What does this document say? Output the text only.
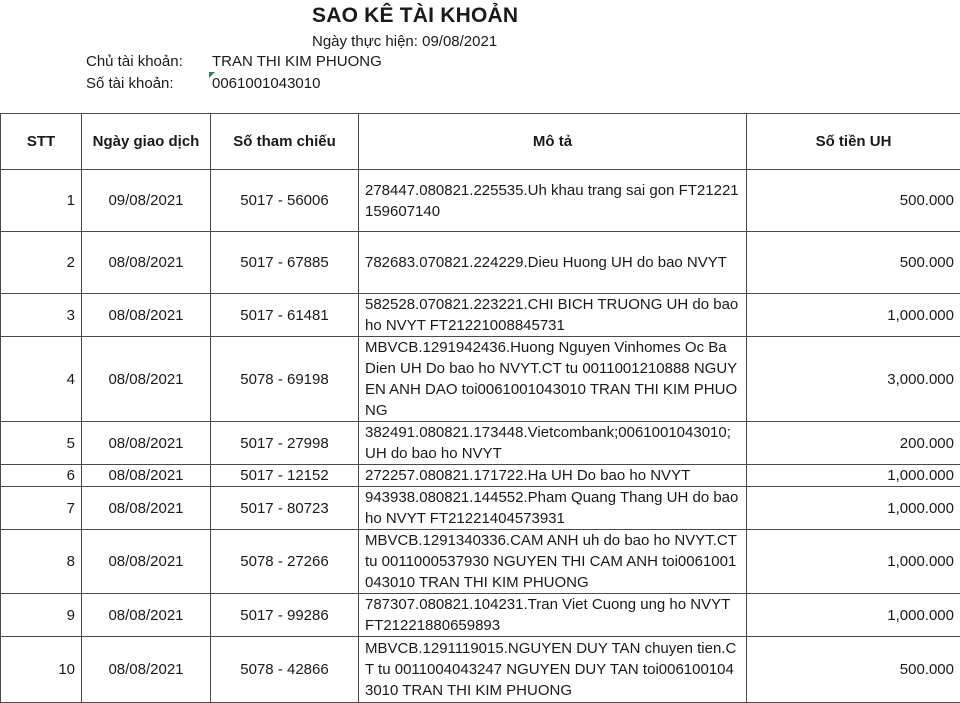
SAO KÊ TÀI KHOẢN
Ngày thực hiện: 09/08/2021
Chủ tài khoản: TRAN THI KIM PHUONG
Số tài khoản:	0061001043010
STT	Ngày giao dịch	Số tham chiếu	Mô tả	Số tiền UH
1	09/08/2021	5017 - 56006	278447.080821.225535.Uh khau trang sai gon FT21221159607140	500.000
2	08/08/2021	5017 - 67885	782683.070821.224229.Dieu Huong UH do bao NVYT	500.000
3	08/08/2021	5017 - 61481	582528.070821.223221.CHI BICH TRUONG UH do bao ho NVYT FT21221008845731	1,000.000
4	08/08/2021	5078 - 69198	MBVCB.1291942436.Huong Nguyen Vinhomes Oc Ba Dien UH Do bao ho NVYT.CT tu 0011001210888 NGUYEN ANH DAO toi0061001043010 TRAN THI KIM PHUONG	3,000.000
5	08/08/2021	5017 - 27998	382491.080821.173448.Vietcombank;0061001043010;UH do bao ho NVYT	200.000
6	08/08/2021	5017 - 12152	272257.080821.171722.Ha UH Do bao ho NVYT	1,000.000
7	08/08/2021	5017 - 80723	943938.080821.144552.Pham Quang Thang UH do bao ho NVYT FT21221404573931	1,000.000
8	08/08/2021	5078 - 27266	MBVCB.1291340336.CAM ANH uh do bao ho NVYT.CT tu 0011000537930 NGUYEN THI CAM ANH toi0061001043010 TRAN THI KIM PHUONG	1,000.000
9	08/08/2021	5017 - 99286	787307.080821.104231.Tran Viet Cuong ung ho NVYT FT21221880659893	1,000.000
10	08/08/2021	5078 - 42866	MBVCB.1291119015.NGUYEN DUY TAN chuyen tien.CT tu 0011004043247 NGUYEN DUY TAN toi0061001043010 TRAN THI KIM PHUONG	500.000
